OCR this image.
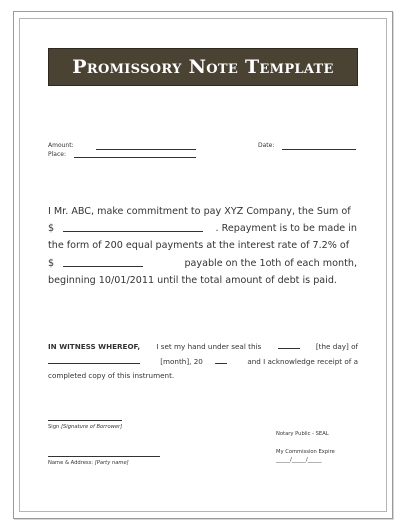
Promissory Note Template
Amount:
Place:
Date:
I Mr. ABC, make commitment to pay XYZ Company, the Sum of
$	. Repayment is to be made in
the form of 200 equal payments at the interest rate of 7.2% of
$	payable on the 1oth of each month,
beginning 10/01/2011 until the total amount of debt is paid.
IN WITNESS WHEREOF, I set my hand under seal this	[the day] of
[month], 20	and I acknowledge receipt of a
completed copy of this instrument.
Sign [Signature of Borrower]
Name & Address: [Party name]
Notary Public - SEAL
My Commission Expire
_____/_____/_____
